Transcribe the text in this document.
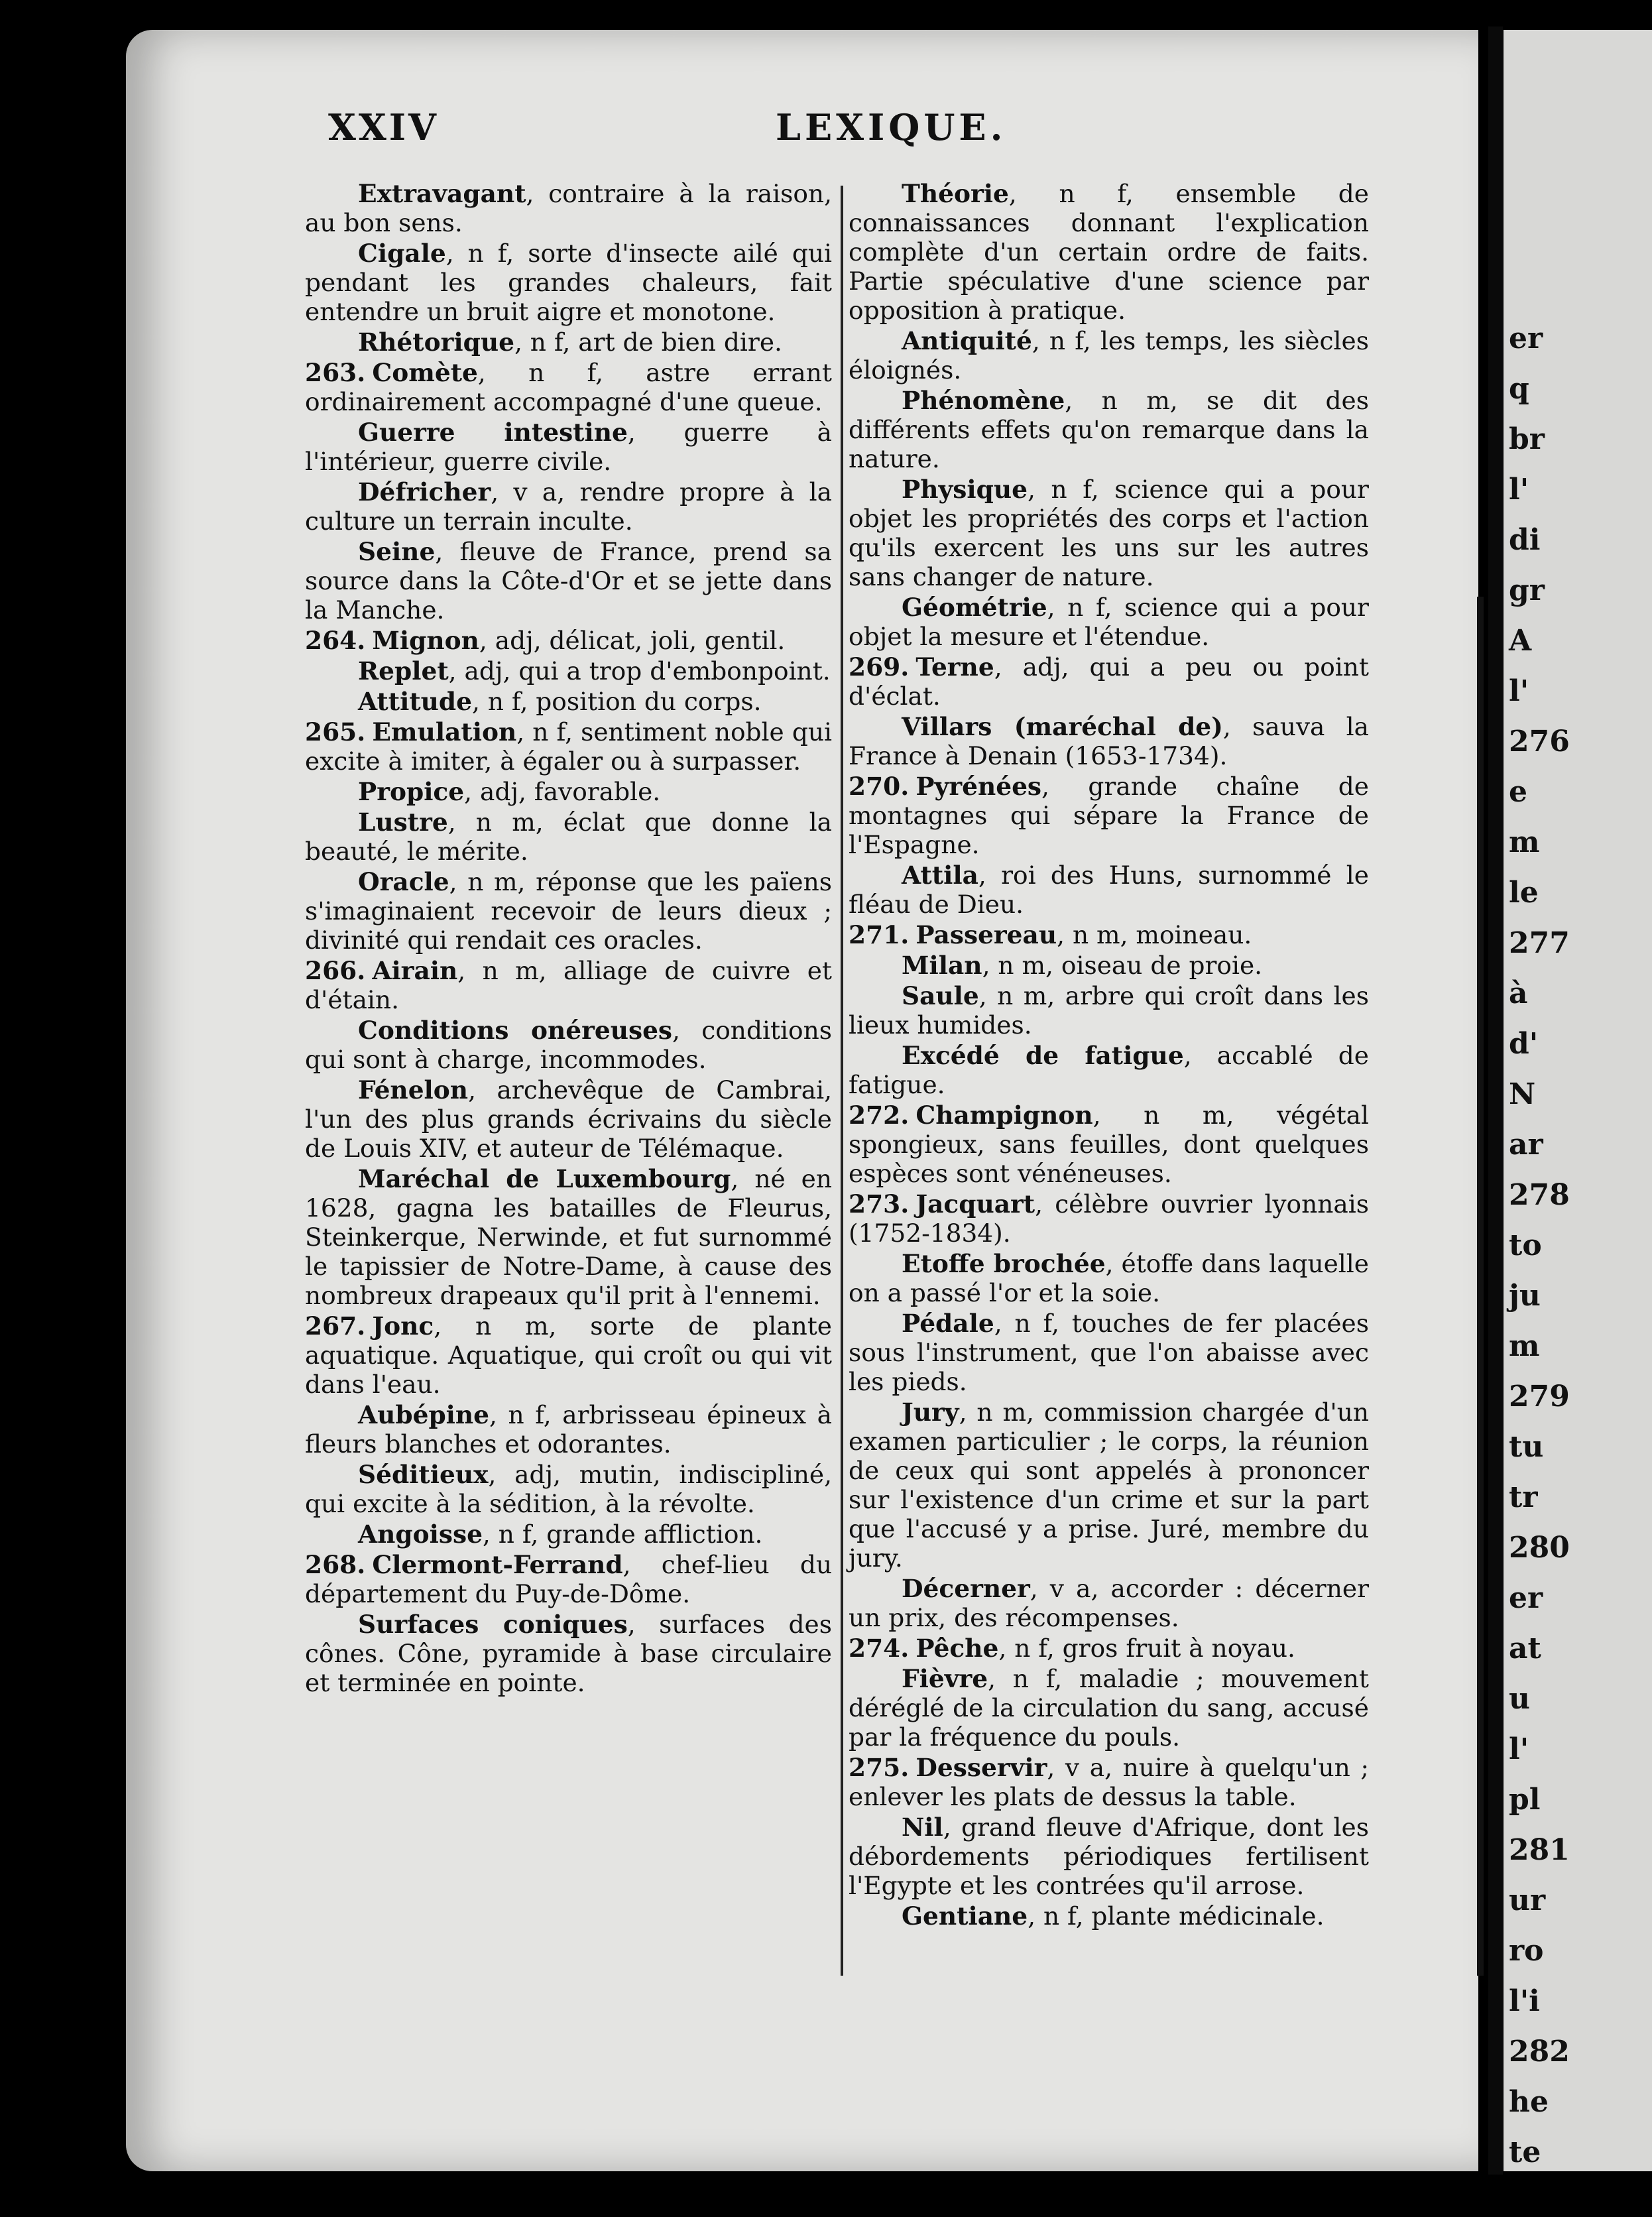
er
q
br
l'
di
gr
A
l'
276
e
m
le
277
à
d'
N
ar
278
to
ju
m
279
tu
tr
280
er
at
u
l'
pl
281
ur
ro
l'i
282
he
te
XXIV	LEXIQUE.

Extravagant, contraire à la raison, au bon sens.

Cigale, n f, sorte d'insecte ailé qui pendant les grandes chaleurs, fait entendre un bruit aigre et monotone.

Rhétorique, n f, art de bien dire.

263. Comète, n f, astre errant ordinairement accompagné d'une queue.

Guerre intestine, guerre à l'intérieur, guerre civile.

Défricher, v a, rendre propre à la culture un terrain inculte.

Seine, fleuve de France, prend sa source dans la Côte-d'Or et se jette dans la Manche.

264. Mignon, adj, délicat, joli, gentil.

Replet, adj, qui a trop d'embonpoint.

Attitude, n f, position du corps.

265. Emulation, n f, sentiment noble qui excite à imiter, à égaler ou à surpasser.

Propice, adj, favorable.

Lustre, n m, éclat que donne la beauté, le mérite.

Oracle, n m, réponse que les païens s'imaginaient recevoir de leurs dieux ; divinité qui rendait ces oracles.

266. Airain, n m, alliage de cuivre et d'étain.

Conditions onéreuses, conditions qui sont à charge, incommodes.

Fénelon, archevêque de Cambrai, l'un des plus grands écrivains du siècle de Louis XIV, et auteur de Télémaque.

Maréchal de Luxembourg, né en 1628, gagna les batailles de Fleurus, Steinkerque, Nerwinde, et fut surnommé le tapissier de Notre-Dame, à cause des nombreux drapeaux qu'il prit à l'ennemi.

267. Jonc, n m, sorte de plante aquatique. Aquatique, qui croît ou qui vit dans l'eau.

Aubépine, n f, arbrisseau épineux à fleurs blanches et odorantes.

Séditieux, adj, mutin, indiscipliné, qui excite à la sédition, à la révolte.

Angoisse, n f, grande affliction.

268. Clermont-Ferrand, chef-lieu du département du Puy-de-Dôme.

Surfaces coniques, surfaces des cônes. Cône, pyramide à base circulaire et terminée en pointe.

Théorie, n f, ensemble de connaissances donnant l'explication complète d'un certain ordre de faits. Partie spéculative d'une science par opposition à pratique.

Antiquité, n f, les temps, les siècles éloignés.

Phénomène, n m, se dit des différents effets qu'on remarque dans la nature.

Physique, n f, science qui a pour objet les propriétés des corps et l'action qu'ils exercent les uns sur les autres sans changer de nature.

Géométrie, n f, science qui a pour objet la mesure et l'étendue.

269. Terne, adj, qui a peu ou point d'éclat.

Villars (maréchal de), sauva la France à Denain (1653-1734).

270. Pyrénées, grande chaîne de montagnes qui sépare la France de l'Espagne.

Attila, roi des Huns, surnommé le fléau de Dieu.

271. Passereau, n m, moineau.

Milan, n m, oiseau de proie.

Saule, n m, arbre qui croît dans les lieux humides.

Excédé de fatigue, accablé de fatigue.

272. Champignon, n m, végétal spongieux, sans feuilles, dont quelques espèces sont vénéneuses.

273. Jacquart, célèbre ouvrier lyonnais (1752-1834).

Etoffe brochée, étoffe dans laquelle on a passé l'or et la soie.

Pédale, n f, touches de fer placées sous l'instrument, que l'on abaisse avec les pieds.

Jury, n m, commission chargée d'un examen particulier ; le corps, la réunion de ceux qui sont appelés à prononcer sur l'existence d'un crime et sur la part que l'accusé y a prise. Juré, membre du jury.

Décerner, v a, accorder : décerner un prix, des récompenses.

274. Pêche, n f, gros fruit à noyau.

Fièvre, n f, maladie ; mouvement déréglé de la circulation du sang, accusé par la fréquence du pouls.

275. Desservir, v a, nuire à quelqu'un ; enlever les plats de dessus la table.

Nil, grand fleuve d'Afrique, dont les débordements périodiques fertilisent l'Egypte et les contrées qu'il arrose.

Gentiane, n f, plante médicinale.
